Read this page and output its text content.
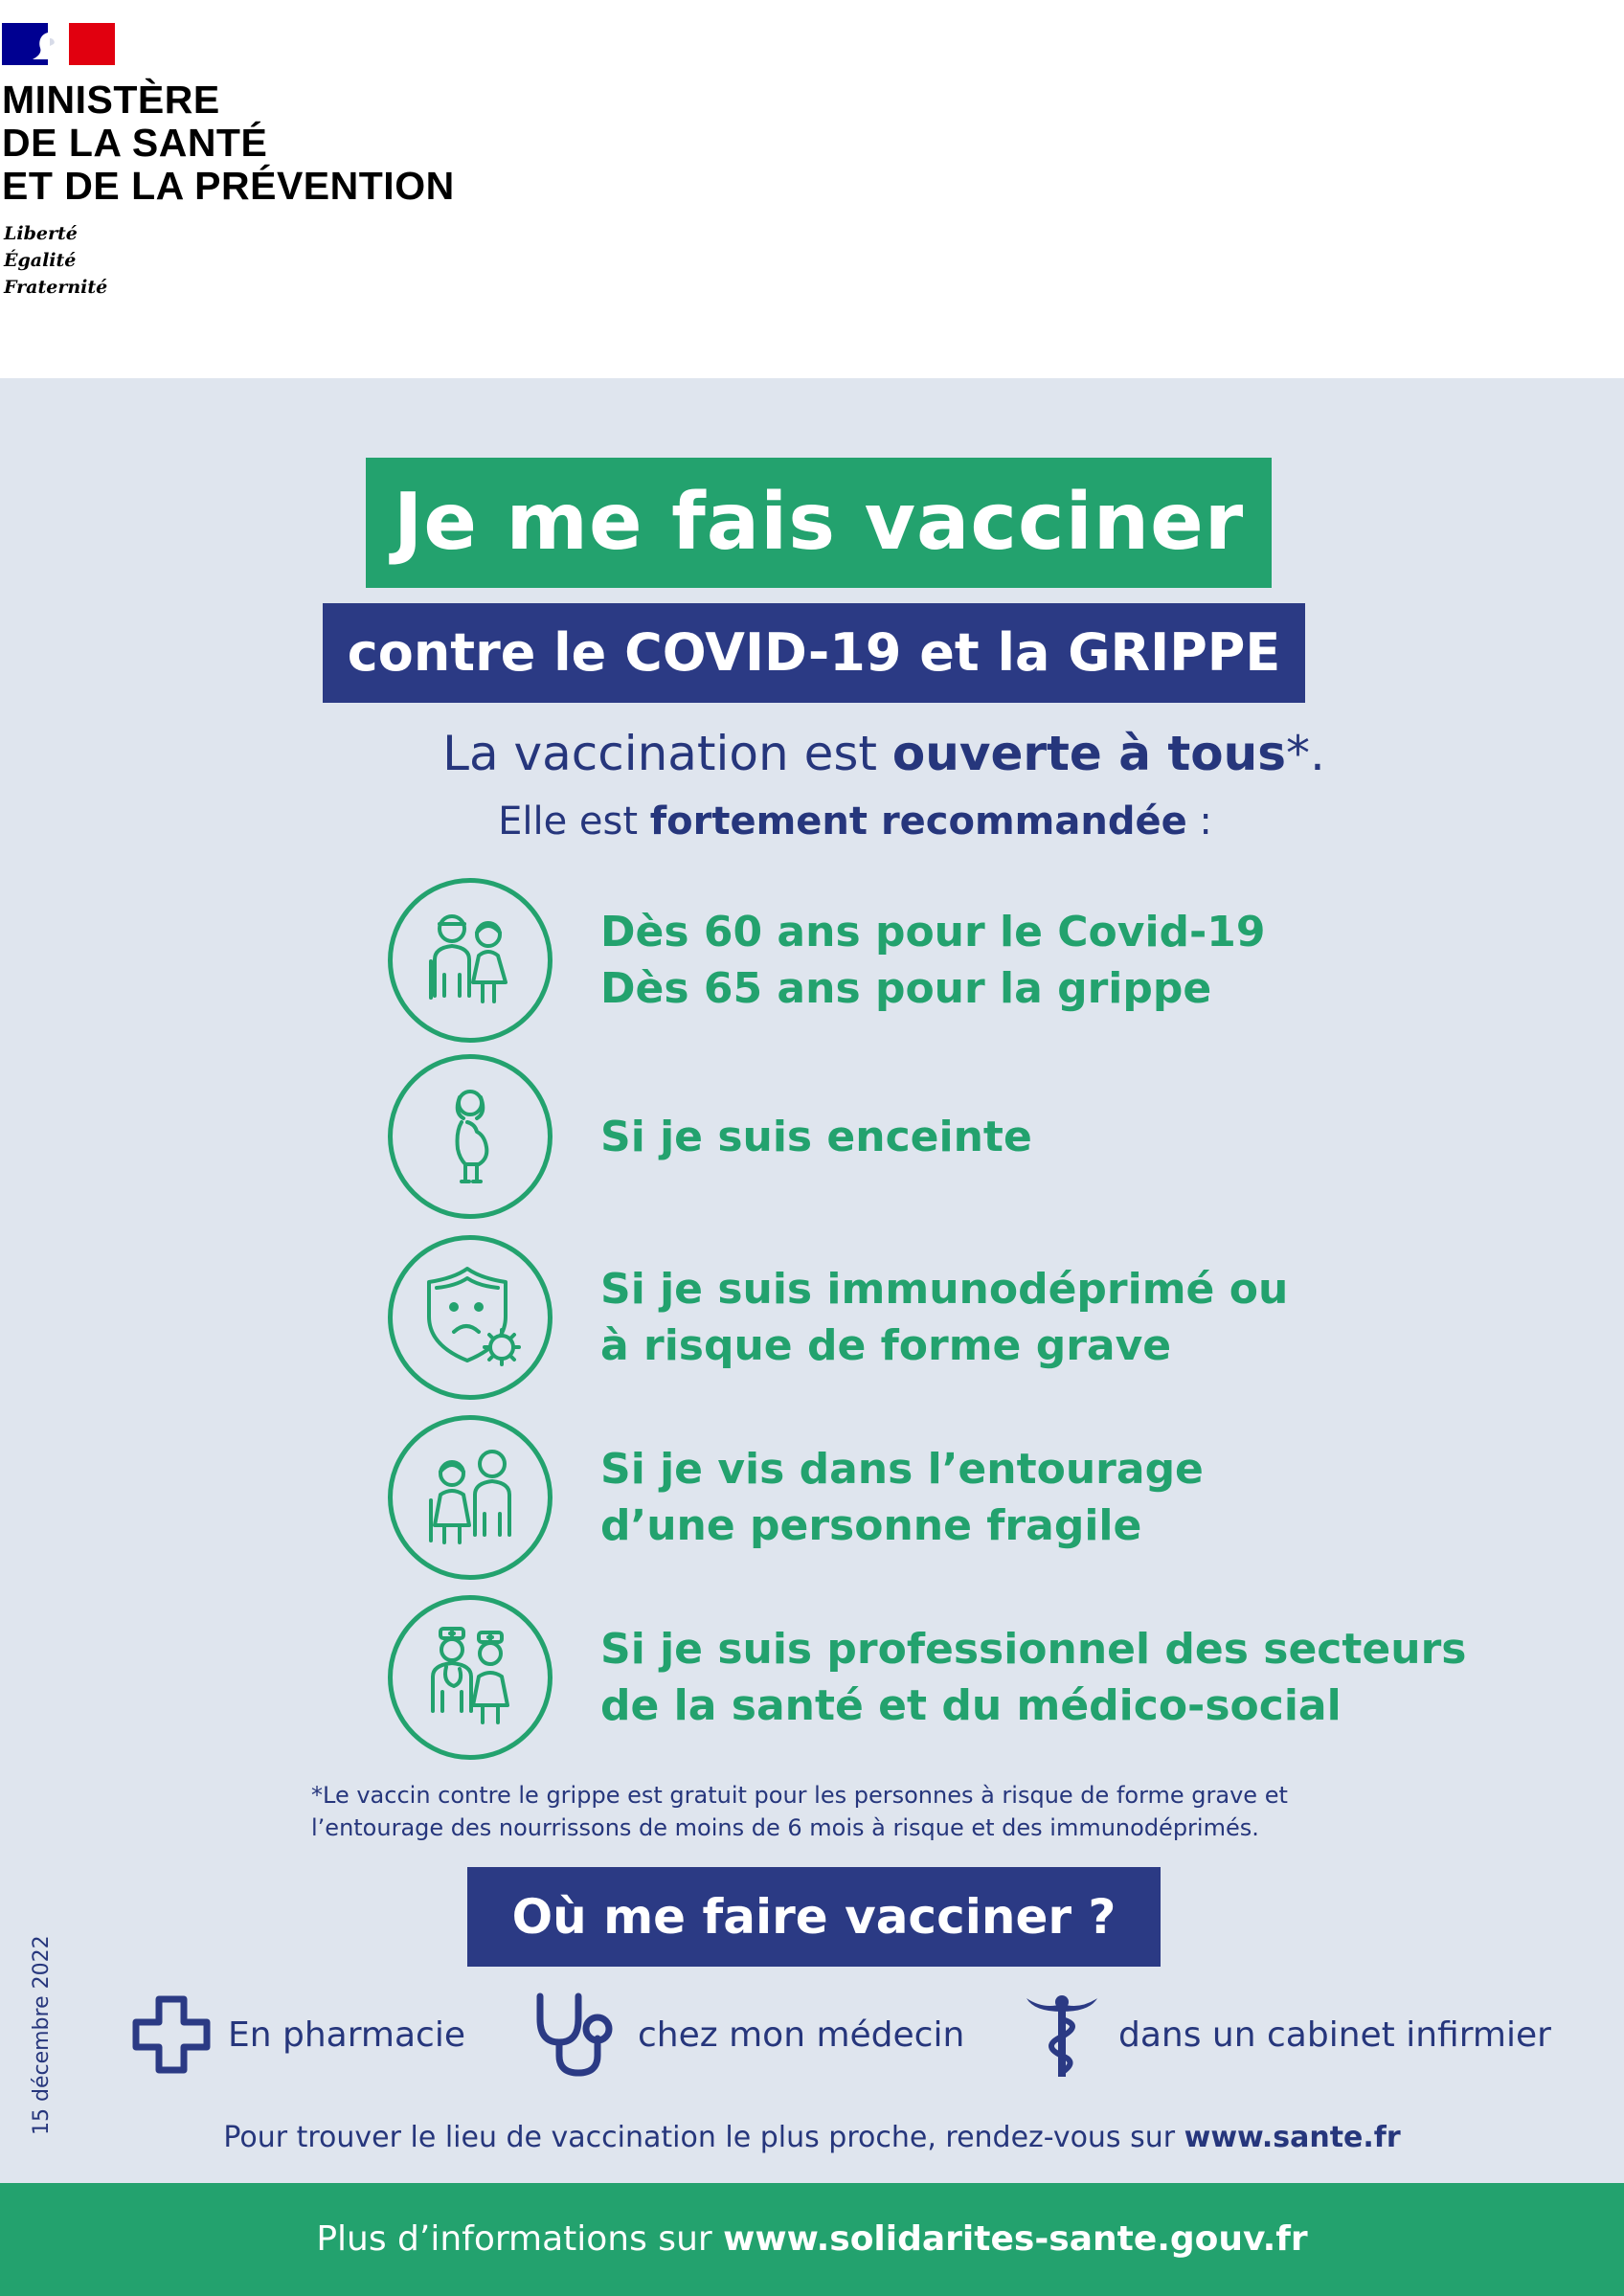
MINISTÈRE
DE LA SANTÉ
ET DE LA PRÉVENTION
Liberté
Égalité
Fraternité
Je me fais vacciner
contre le COVID-19 et la GRIPPE
La vaccination est ouverte à tous*.
Elle est fortement recommandée :
Dès 60 ans pour le Covid-19
Dès 65 ans pour la grippe
Si je suis enceinte
Si je suis immunodéprimé ou
à risque de forme grave
Si je vis dans l’entourage
d’une personne fragile
Si je suis professionnel des secteurs
de la santé et du médico-social
*Le vaccin contre le grippe est gratuit pour les personnes à risque de forme grave et
l’entourage des nourrissons de moins de 6 mois à risque et des immunodéprimés.
Où me faire vacciner ?
En pharmacie	chez mon médecin	dans un cabinet infirmier
15 décembre 2022
Pour trouver le lieu de vaccination le plus proche, rendez-vous sur www.sante.fr
Plus d’informations sur www.solidarites-sante.gouv.fr
